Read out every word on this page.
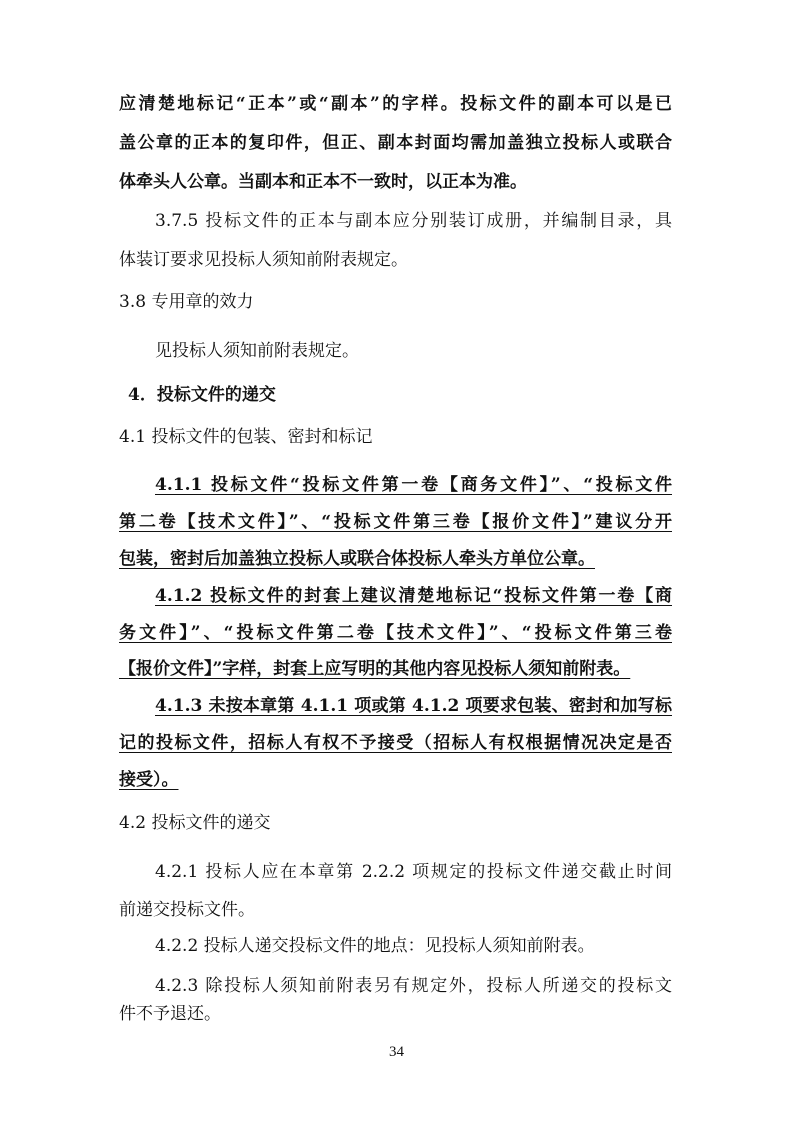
应清楚地标记“正本”或“副本”的字样。投标文件的副本可以是已
盖公章的正本的复印件，但正、副本封面均需加盖独立投标人或联合
体牵头人公章。当副本和正本不一致时，以正本为准。
3.7.5 投标文件的正本与副本应分别装订成册，并编制目录，具
体装订要求见投标人须知前附表规定。
3.8 专用章的效力
见投标人须知前附表规定。
4．投标文件的递交
4.1 投标文件的包装、密封和标记
4.1.1 投标文件“投标文件第一卷【商务文件】”、“投标文件
第二卷【技术文件】”、“投标文件第三卷【报价文件】”建议分开
包装，密封后加盖独立投标人或联合体投标人牵头方单位公章。
4.1.2 投标文件的封套上建议清楚地标记“投标文件第一卷【商
务文件】”、“投标文件第二卷【技术文件】”、“投标文件第三卷
【报价文件】”字样，封套上应写明的其他内容见投标人须知前附表。
4.1.3 未按本章第 4.1.1 项或第 4.1.2 项要求包装、密封和加写标
记的投标文件，招标人有权不予接受（招标人有权根据情况决定是否
接受）。
4.2 投标文件的递交
4.2.1 投标人应在本章第 2.2.2 项规定的投标文件递交截止时间
前递交投标文件。
4.2.2 投标人递交投标文件的地点：见投标人须知前附表。
4.2.3 除投标人须知前附表另有规定外，投标人所递交的投标文
件不予退还。
34
